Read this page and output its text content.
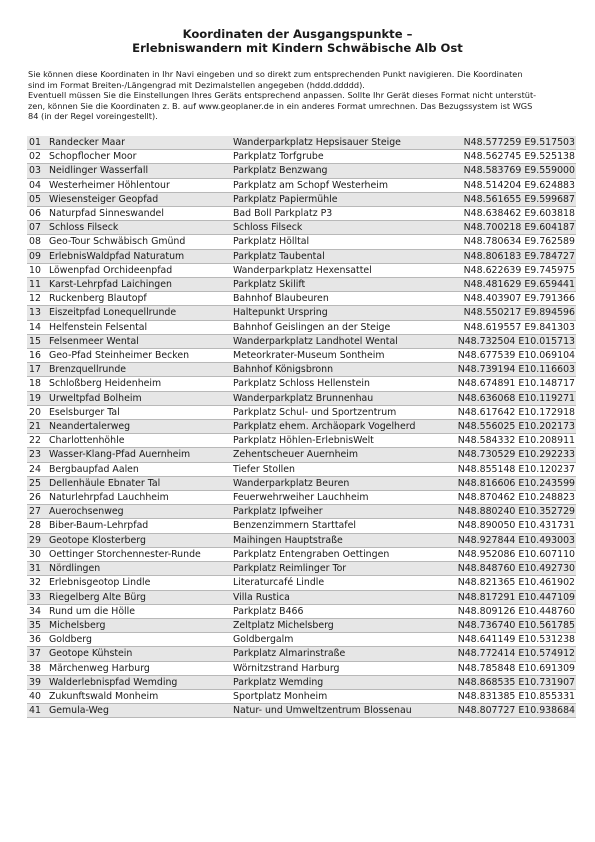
Koordinaten der Ausgangspunkte –
Erlebniswandern mit Kindern Schwäbische Alb Ost
Sie können diese Koordinaten in Ihr Navi eingeben und so direkt zum entsprechenden Punkt navigieren. Die Koordinaten
sind im Format Breiten-/Längengrad mit Dezimalstellen angegeben (hddd.ddddd).
Eventuell müssen Sie die Einstellungen Ihres Geräts entsprechend anpassen. Sollte Ihr Gerät dieses Format nicht unterstüt-
zen, können Sie die Koordinaten z. B. auf www.geoplaner.de in ein anderes Format umrechnen. Das Bezugssystem ist WGS
84 (in der Regel voreingestellt).
01	Randecker Maar	Wanderparkplatz Hepsisauer Steige	N48.577259 E9.517503
02	Schopflocher Moor	Parkplatz Torfgrube	N48.562745 E9.525138
03	Neidlinger Wasserfall	Parkplatz Benzwang	N48.583769 E9.559000
04	Westerheimer Höhlentour	Parkplatz am Schopf Westerheim	N48.514204 E9.624883
05	Wiesensteiger Geopfad	Parkplatz Papiermühle	N48.561655 E9.599687
06	Naturpfad Sinneswandel	Bad Boll Parkplatz P3	N48.638462 E9.603818
07	Schloss Filseck	Schloss Filseck	N48.700218 E9.604187
08	Geo-Tour Schwäbisch Gmünd	Parkplatz Hölltal	N48.780634 E9.762589
09	ErlebnisWaldpfad Naturatum	Parkplatz Taubental	N48.806183 E9.784727
10	Löwenpfad Orchideenpfad	Wanderparkplatz Hexensattel	N48.622639 E9.745975
11	Karst-Lehrpfad Laichingen	Parkplatz Skilift	N48.481629 E9.659441
12	Ruckenberg Blautopf	Bahnhof Blaubeuren	N48.403907 E9.791366
13	Eiszeitpfad Lonequellrunde	Haltepunkt Urspring	N48.550217 E9.894596
14	Helfenstein Felsental	Bahnhof Geislingen an der Steige	N48.619557 E9.841303
15	Felsenmeer Wental	Wanderparkplatz Landhotel Wental	N48.732504 E10.015713
16	Geo-Pfad Steinheimer Becken	Meteorkrater-Museum Sontheim	N48.677539 E10.069104
17	Brenzquellrunde	Bahnhof Königsbronn	N48.739194 E10.116603
18	Schloßberg Heidenheim	Parkplatz Schloss Hellenstein	N48.674891 E10.148717
19	Urweltpfad Bolheim	Wanderparkplatz Brunnenhau	N48.636068 E10.119271
20	Eselsburger Tal	Parkplatz Schul- und Sportzentrum	N48.617642 E10.172918
21	Neandertalerweg	Parkplatz ehem. Archäopark Vogelherd	N48.556025 E10.202173
22	Charlottenhöhle	Parkplatz Höhlen-ErlebnisWelt	N48.584332 E10.208911
23	Wasser-Klang-Pfad Auernheim	Zehentscheuer Auernheim	N48.730529 E10.292233
24	Bergbaupfad Aalen	Tiefer Stollen	N48.855148 E10.120237
25	Dellenhäule Ebnater Tal	Wanderparkplatz Beuren	N48.816606 E10.243599
26	Naturlehrpfad Lauchheim	Feuerwehrweiher Lauchheim	N48.870462 E10.248823
27	Auerochsenweg	Parkplatz Ipfweiher	N48.880240 E10.352729
28	Biber-Baum-Lehrpfad	Benzenzimmern Starttafel	N48.890050 E10.431731
29	Geotope Klosterberg	Maihingen Hauptstraße	N48.927844 E10.493003
30	Oettinger Storchennester-Runde	Parkplatz Entengraben Oettingen	N48.952086 E10.607110
31	Nördlingen	Parkplatz Reimlinger Tor	N48.848760 E10.492730
32	Erlebnisgeotop Lindle	Literaturcafé Lindle	N48.821365 E10.461902
33	Riegelberg Alte Bürg	Villa Rustica	N48.817291 E10.447109
34	Rund um die Hölle	Parkplatz B466	N48.809126 E10.448760
35	Michelsberg	Zeltplatz Michelsberg	N48.736740 E10.561785
36	Goldberg	Goldbergalm	N48.641149 E10.531238
37	Geotope Kühstein	Parkplatz Almarinstraße	N48.772414 E10.574912
38	Märchenweg Harburg	Wörnitzstrand Harburg	N48.785848 E10.691309
39	Walderlebnispfad Wemding	Parkplatz Wemding	N48.868535 E10.731907
40	Zukunftswald Monheim	Sportplatz Monheim	N48.831385 E10.855331
41	Gemula-Weg	Natur- und Umweltzentrum Blossenau	N48.807727 E10.938684
